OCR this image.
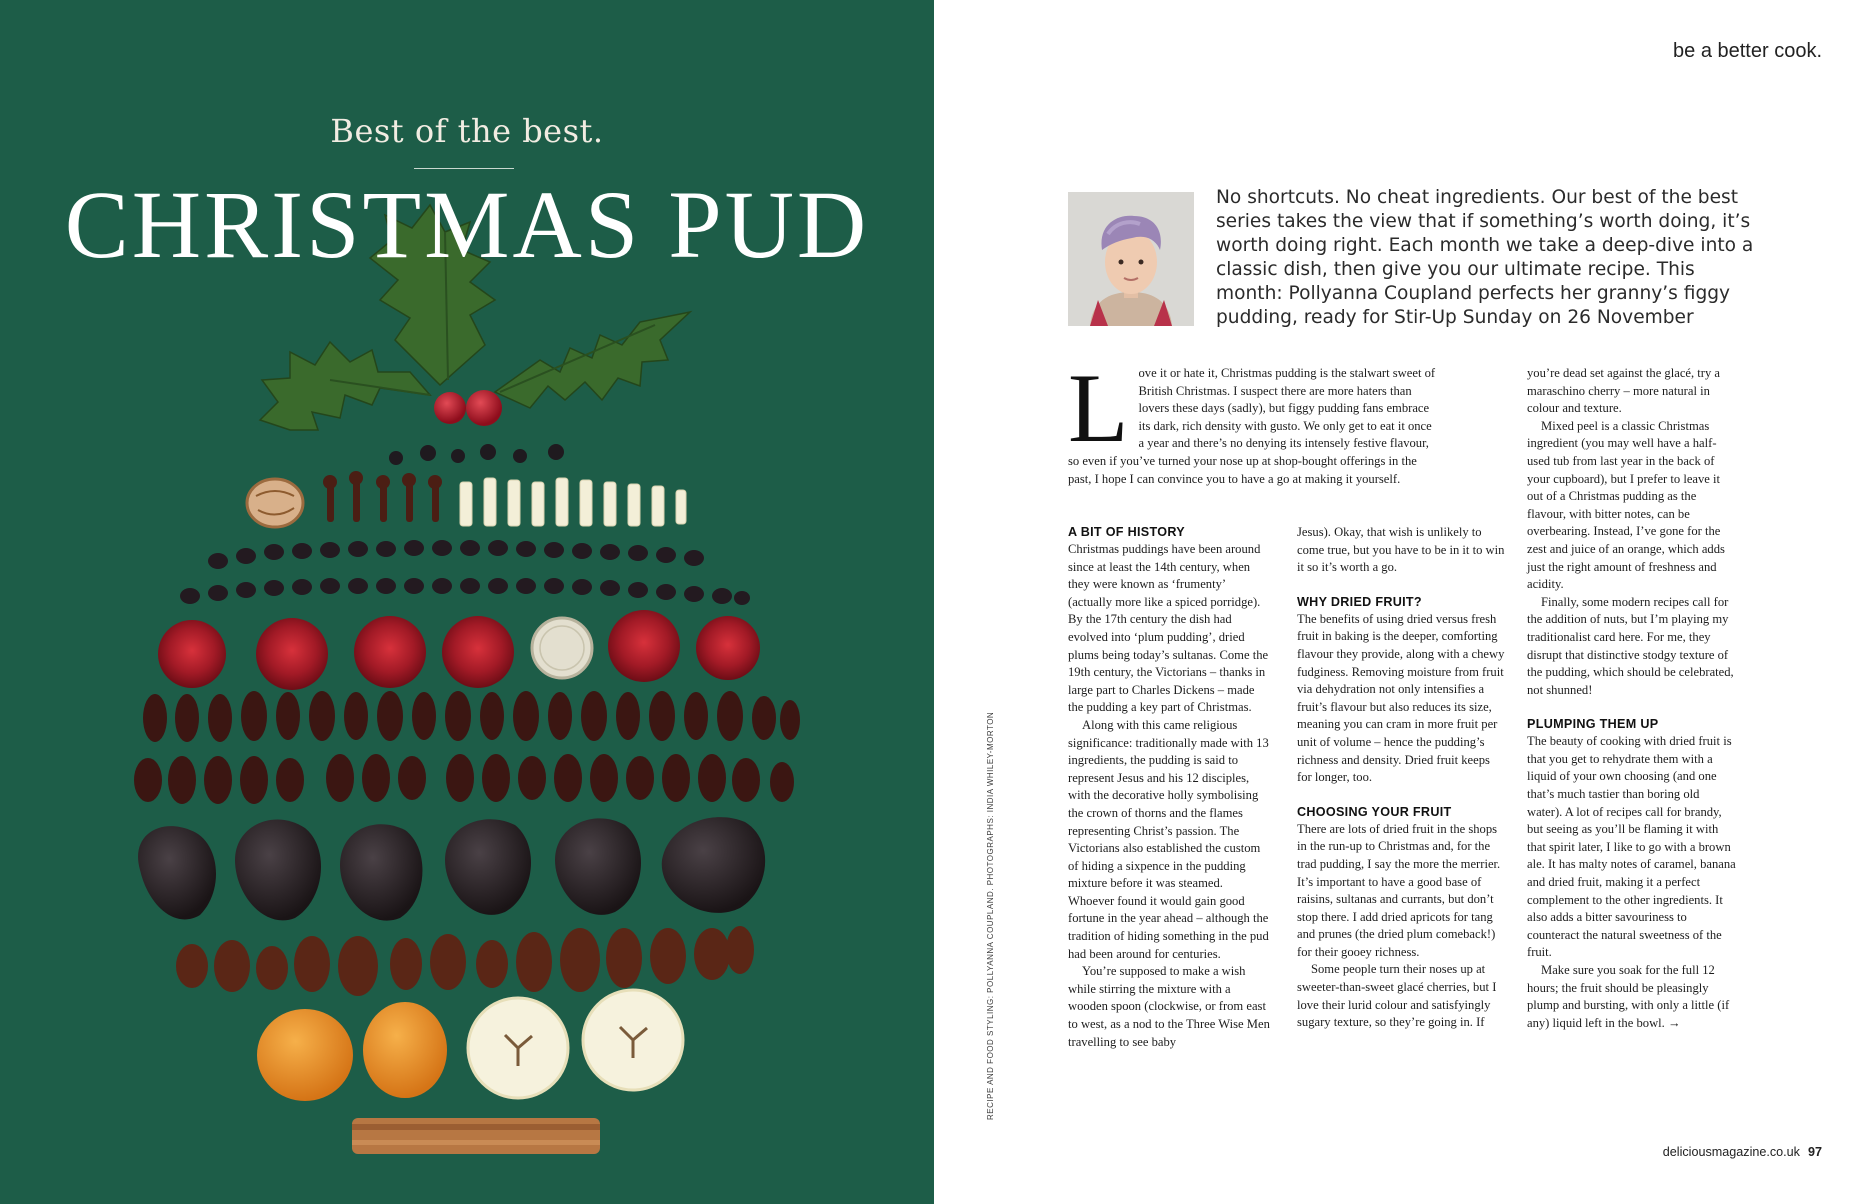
Best of the best.
CHRISTMAS PUD
be a better cook.
No shortcuts. No cheat ingredients. Our best of the best series takes the view that if something’s worth doing, it’s worth doing right. Each month we take a deep-dive into a classic dish, then give you our ultimate recipe. This month: Pollyanna Coupland perfects her granny’s figgy pudding, ready for Stir-Up Sunday on 26 November
Love it or hate it, Christmas pudding is the stalwart sweet of British Christmas. I suspect there are more haters than lovers these days (sadly), but figgy pudding fans embrace its dark, rich density with gusto. We only get to eat it once a year and there’s no denying its intensely festive flavour, so even if you’ve turned your nose up at shop-bought offerings in the past, I hope I can convince you to have a go at making it yourself.
A BIT OF HISTORY

Christmas puddings have been around since at least the 14th century, when they were known as ‘frumenty’ (actually more like a spiced porridge). By the 17th century the dish had evolved into ‘plum pudding’, dried plums being today’s sultanas. Come the 19th century, the Victorians – thanks in large part to Charles Dickens – made the pudding a key part of Christmas.

Along with this came religious significance: traditionally made with 13 ingredients, the pudding is said to represent Jesus and his 12 disciples, with the decorative holly symbolising the crown of thorns and the flames representing Christ’s passion. The Victorians also established the custom of hiding a sixpence in the pudding mixture before it was steamed. Whoever found it would gain good fortune in the year ahead – although the tradition of hiding something in the pud had been around for centuries.

You’re supposed to make a wish while stirring the mixture with a wooden spoon (clockwise, or from east to west, as a nod to the Three Wise Men travelling to see baby

Jesus). Okay, that wish is unlikely to come true, but you have to be in it to win it so it’s worth a go.

WHY DRIED FRUIT?

The benefits of using dried versus fresh fruit in baking is the deeper, comforting flavour they provide, along with a chewy fudginess. Removing moisture from fruit via dehydration not only intensifies a fruit’s flavour but also reduces its size, meaning you can cram in more fruit per unit of volume – hence the pudding’s richness and density. Dried fruit keeps for longer, too.

CHOOSING YOUR FRUIT

There are lots of dried fruit in the shops in the run-up to Christmas and, for the trad pudding, I say the more the merrier. It’s important to have a good base of raisins, sultanas and currants, but don’t stop there. I add dried apricots for tang and prunes (the dried plum comeback!) for their gooey richness.

Some people turn their noses up at sweeter-than-sweet glacé cherries, but I love their lurid colour and satisfyingly sugary texture, so they’re going in. If

you’re dead set against the glacé, try a maraschino cherry – more natural in colour and texture.

Mixed peel is a classic Christmas ingredient (you may well have a half-used tub from last year in the back of your cupboard), but I prefer to leave it out of a Christmas pudding as the flavour, with bitter notes, can be overbearing. Instead, I’ve gone for the zest and juice of an orange, which adds just the right amount of freshness and acidity.

Finally, some modern recipes call for the addition of nuts, but I’m playing my traditionalist card here. For me, they disrupt that distinctive stodgy texture of the pudding, which should be celebrated, not shunned!

PLUMPING THEM UP

The beauty of cooking with dried fruit is that you get to rehydrate them with a liquid of your own choosing (and one that’s much tastier than boring old water). A lot of recipes call for brandy, but seeing as you’ll be flaming it with that spirit later, I like to go with a brown ale. It has malty notes of caramel, banana and dried fruit, making it a perfect complement to the other ingredients. It also adds a bitter savouriness to counteract the natural sweetness of the fruit.

Make sure you soak for the full 12 hours; the fruit should be pleasingly plump and bursting, with only a little (if any) liquid left in the bowl. →

deliciousmagazine.co.uk 97
RECIPE AND FOOD STYLING: POLLYANNA COUPLAND. PHOTOGRAPHS: INDIA WHILEY-MORTON
